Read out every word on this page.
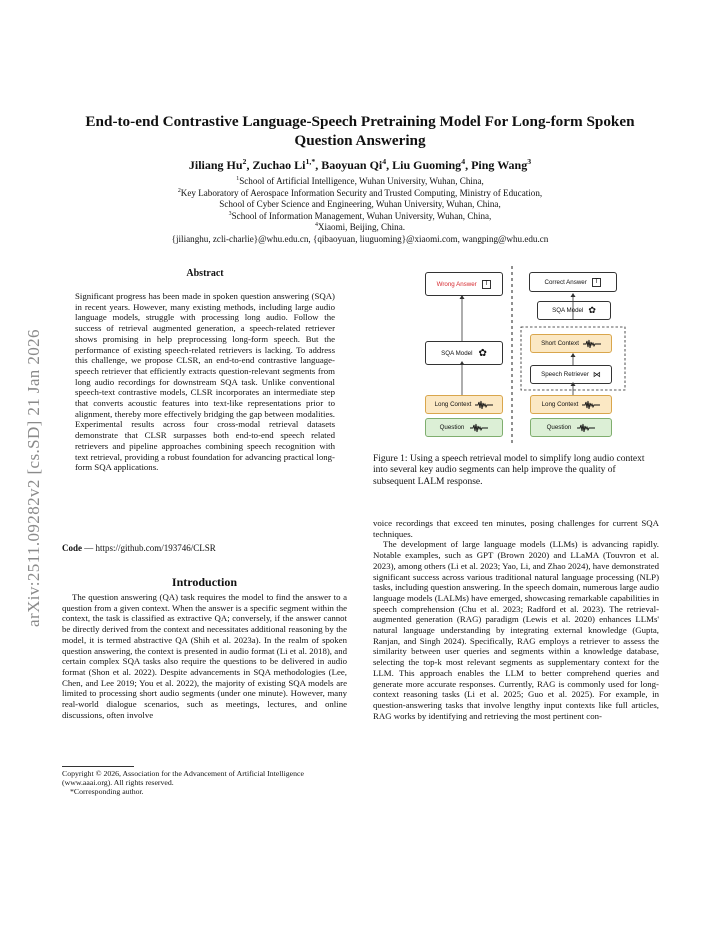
arXiv:2511.09282v2 [cs.SD] 21 Jan 2026
End-to-end Contrastive Language-Speech Pretraining Model For Long-form Spoken Question Answering
Jiliang Hu$^2$, Zuchao $Li^{1,*}$, Baoyuan Qi$^4$, Liu Guoming$^4$, Ping Wang$^3$
$^1$School of Artificial Intelligence, Wuhan University, Wuhan, China,
$^2$Key Laboratory of Aerospace Information Security and Trusted Computing, Ministry of Education,
School of Cyber Science and Engineering, Wuhan University, Wuhan, China,
$^3$School of Information Management, Wuhan University, Wuhan, China,
$^4$Xiaomi, Beijing, China.
{jilianghu, zcli-charlie}@whu.edu.cn, {qibaoyuan, liuguoming}@xiaomi.com, wangping@whu.edu.cn
Abstract
Significant progress has been made in spoken question answering (SQA) in recent years. However, many existing methods, including large audio language models, struggle with processing long audio. Follow the success of retrieval augmented generation, a speech-related retriever shows promising in help preprocessing long-form speech. But the performance of existing speech-related retrievers is lacking. To address this challenge, we propose CLSR, an end-to-end contrastive language-speech retriever that efficiently extracts question-relevant segments from long audio recordings for downstream SQA task. Unlike conventional speech-text contrastive models, CLSR incorporates an intermediate step that converts acoustic features into text-like representations prior to alignment, thereby more effectively bridging the gap between modalities. Experimental results across four cross-modal retrieval datasets demonstrate that CLSR surpasses both end-to-end speech related retrievers and pipeline approaches combining speech recognition with text retrieval, providing a robust foundation for advancing practical long-form SQA applications.
Code — https://github.com/193746/CLSR
Introduction
The question answering (QA) task requires the model to find the answer to a question from a given context. When the answer is a specific segment within the context, the task is classified as extractive QA; conversely, if the answer cannot be directly derived from the context and necessitates additional reasoning by the model, it is termed abstractive QA (Shih et al. 2023a). In the realm of spoken question answering, the context is presented in audio format (Li et al. 2018), and certain complex SQA tasks also require the questions to be delivered in audio format (Shon et al. 2022). Despite advancements in SQA methodologies (Lee, Chen, and Lee 2019; You et al. 2022), the majority of existing SQA models are limited to processing short audio segments (under one minute). However, many real-world dialogue scenarios, such as meetings, lectures, and online discussions, often involve
Copyright © 2026, Association for the Advancement of Artificial Intelligence (www.aaai.org). All rights reserved.
*Corresponding author.
Wrong Answer	T
SQA Model ✿
Long Context
Question
Correct Answer	T
SQA Model ✿
Short Context
Speech Retriever ⋈
Long Context
Question
Figure 1: Using a speech retrieval model to simplify long audio context into several key audio segments can help improve the quality of subsequent LALM response.
voice recordings that exceed ten minutes, posing challenges for current SQA techniques.
The development of large language models (LLMs) is advancing rapidly. Notable examples, such as GPT (Brown 2020) and LLaMA (Touvron et al. 2023), among others (Li et al. 2023; Yao, Li, and Zhao 2024), have demonstrated significant success across various traditional natural language processing (NLP) tasks, including question answering. In the speech domain, numerous large audio language models (LALMs) have emerged, showcasing remarkable capabilities in speech comprehension (Chu et al. 2023; Radford et al. 2023). The retrieval-augmented generation (RAG) paradigm (Lewis et al. 2020) enhances LLMs' natural language understanding by integrating external knowledge (Gupta, Ranjan, and Singh 2024). Specifically, RAG employs a retriever to assess the similarity between user queries and segments within a knowledge database, selecting the top-k most relevant segments as supplementary context for the LLM. This approach enables the LLM to better comprehend queries and generate more accurate responses. Currently, RAG is commonly used for long-context reasoning tasks (Li et al. 2025; Guo et al. 2025). For example, in question-answering tasks that involve lengthy input contexts like full articles, RAG works by identifying and retrieving the most pertinent con-
